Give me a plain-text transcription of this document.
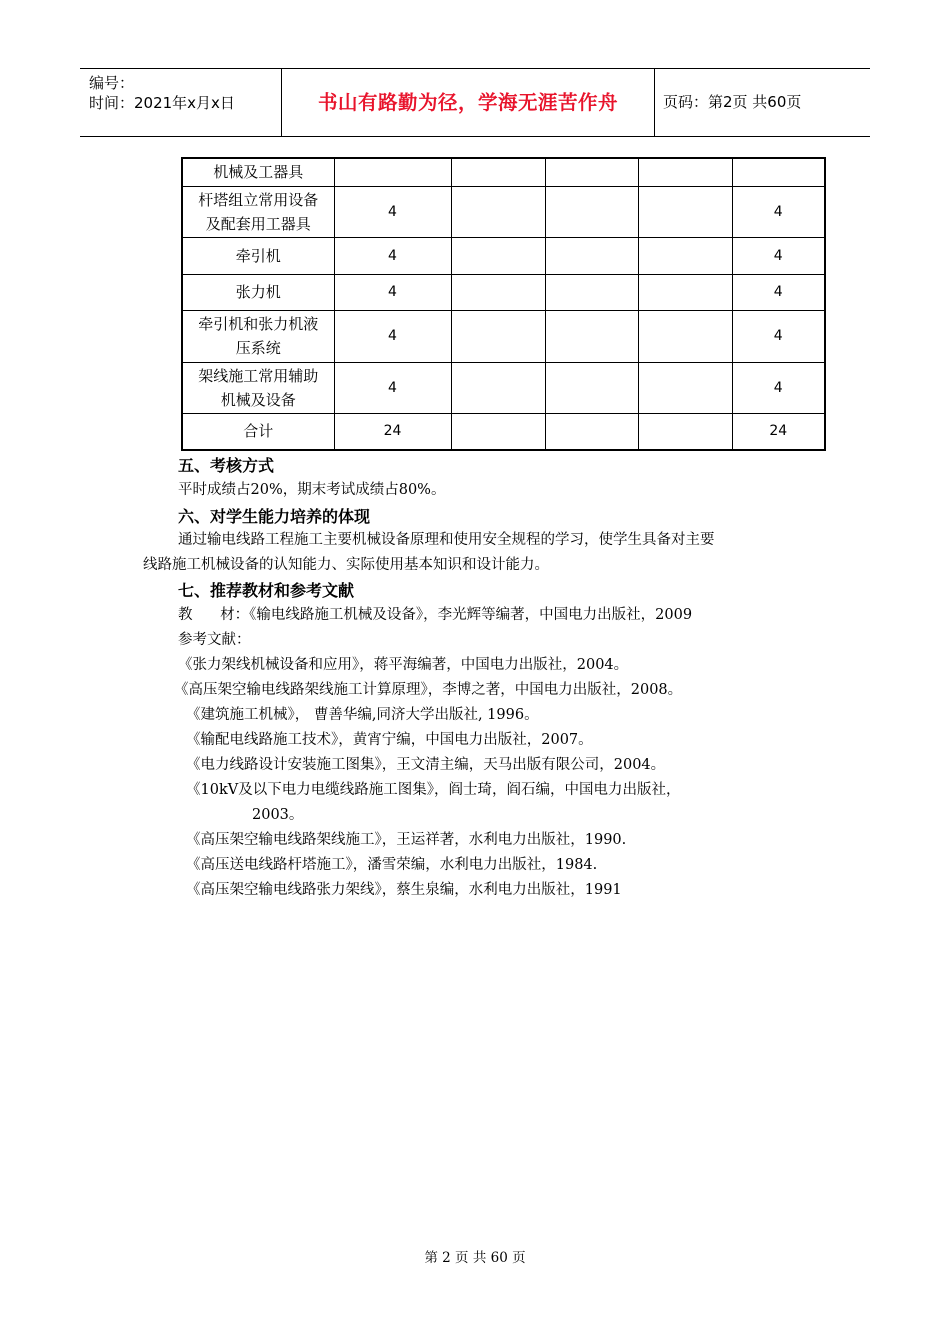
编号：
时间：2021年x月x日	书山有路勤为径，学海无涯苦作舟	页码：第2页 共60页
机械及工器具					
杆塔组立常用设备
及配套用工器具	4				4
牵引机	4				4
张力机	4				4
牵引机和张力机液
压系统	4				4
架线施工常用辅助
机械及设备	4				4
合计	24				24
五、考核方式
平时成绩占20%，期末考试成绩占80%。
六、对学生能力培养的体现
通过输电线路工程施工主要机械设备原理和使用安全规程的学习，使学生具备对主要
线路施工机械设备的认知能力、实际使用基本知识和设计能力。
七、推荐教材和参考文献
教      材：《输电线路施工机械及设备》，李光辉等编著，中国电力出版社，2009
参考文献：
《张力架线机械设备和应用》，蒋平海编著，中国电力出版社，2004。
《高压架空输电线路架线施工计算原理》，李博之著，中国电力出版社，2008。
《建筑施工机械》， 曹善华编,同济大学出版社, 1996。
《输配电线路施工技术》，黄宵宁编，中国电力出版社，2007。
《电力线路设计安装施工图集》，王文清主编，天马出版有限公司，2004。
《10kV及以下电力电缆线路施工图集》，阎士琦，阎石编，中国电力出版社，
2003。
《高压架空输电线路架线施工》，王运祥著，水利电力出版社，1990.
《高压送电线路杆塔施工》，潘雪荣编，水利电力出版社，1984.
《高压架空输电线路张力架线》，蔡生泉编，水利电力出版社，1991
第 2 页 共 60 页
